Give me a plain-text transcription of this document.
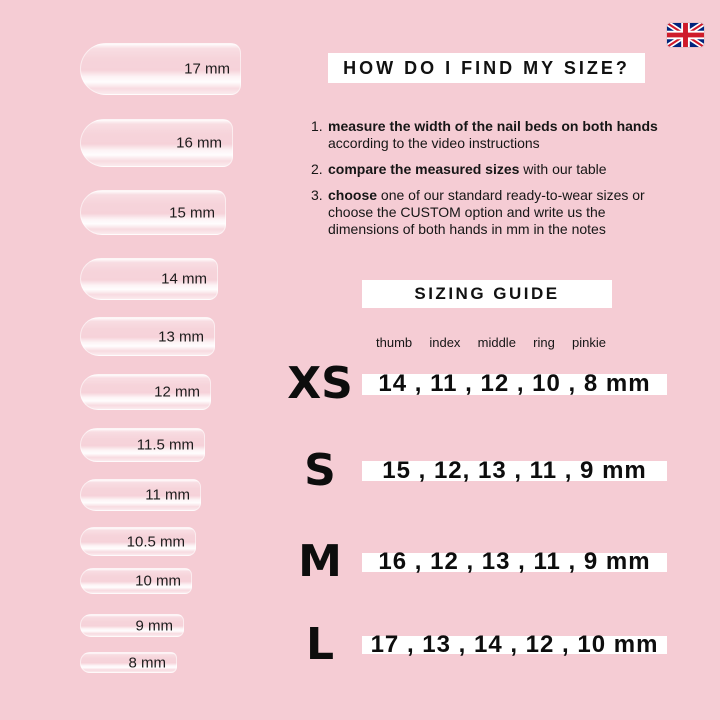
17 mm
16 mm
15 mm
14 mm
13 mm
12 mm
11.5 mm
11 mm
10.5 mm
10 mm
9 mm
8 mm
HOW DO I FIND MY SIZE?
1. measure the width of the nail beds on both hands according to the video instructions

2. compare the measured sizes with our table

3. choose one of our standard ready-to-wear sizes or choose the CUSTOM option and write us the dimensions of both hands in mm in the notes

SIZING GUIDE
thumb index middle ring pinkie
XS 14 , 11 , 12 , 10 , 8 mm
S	15 , 12, 13 , 11 , 9 mm
M	16 , 12 , 13 , 11 , 9 mm
L	17 , 13 , 14 , 12 , 10 mm
